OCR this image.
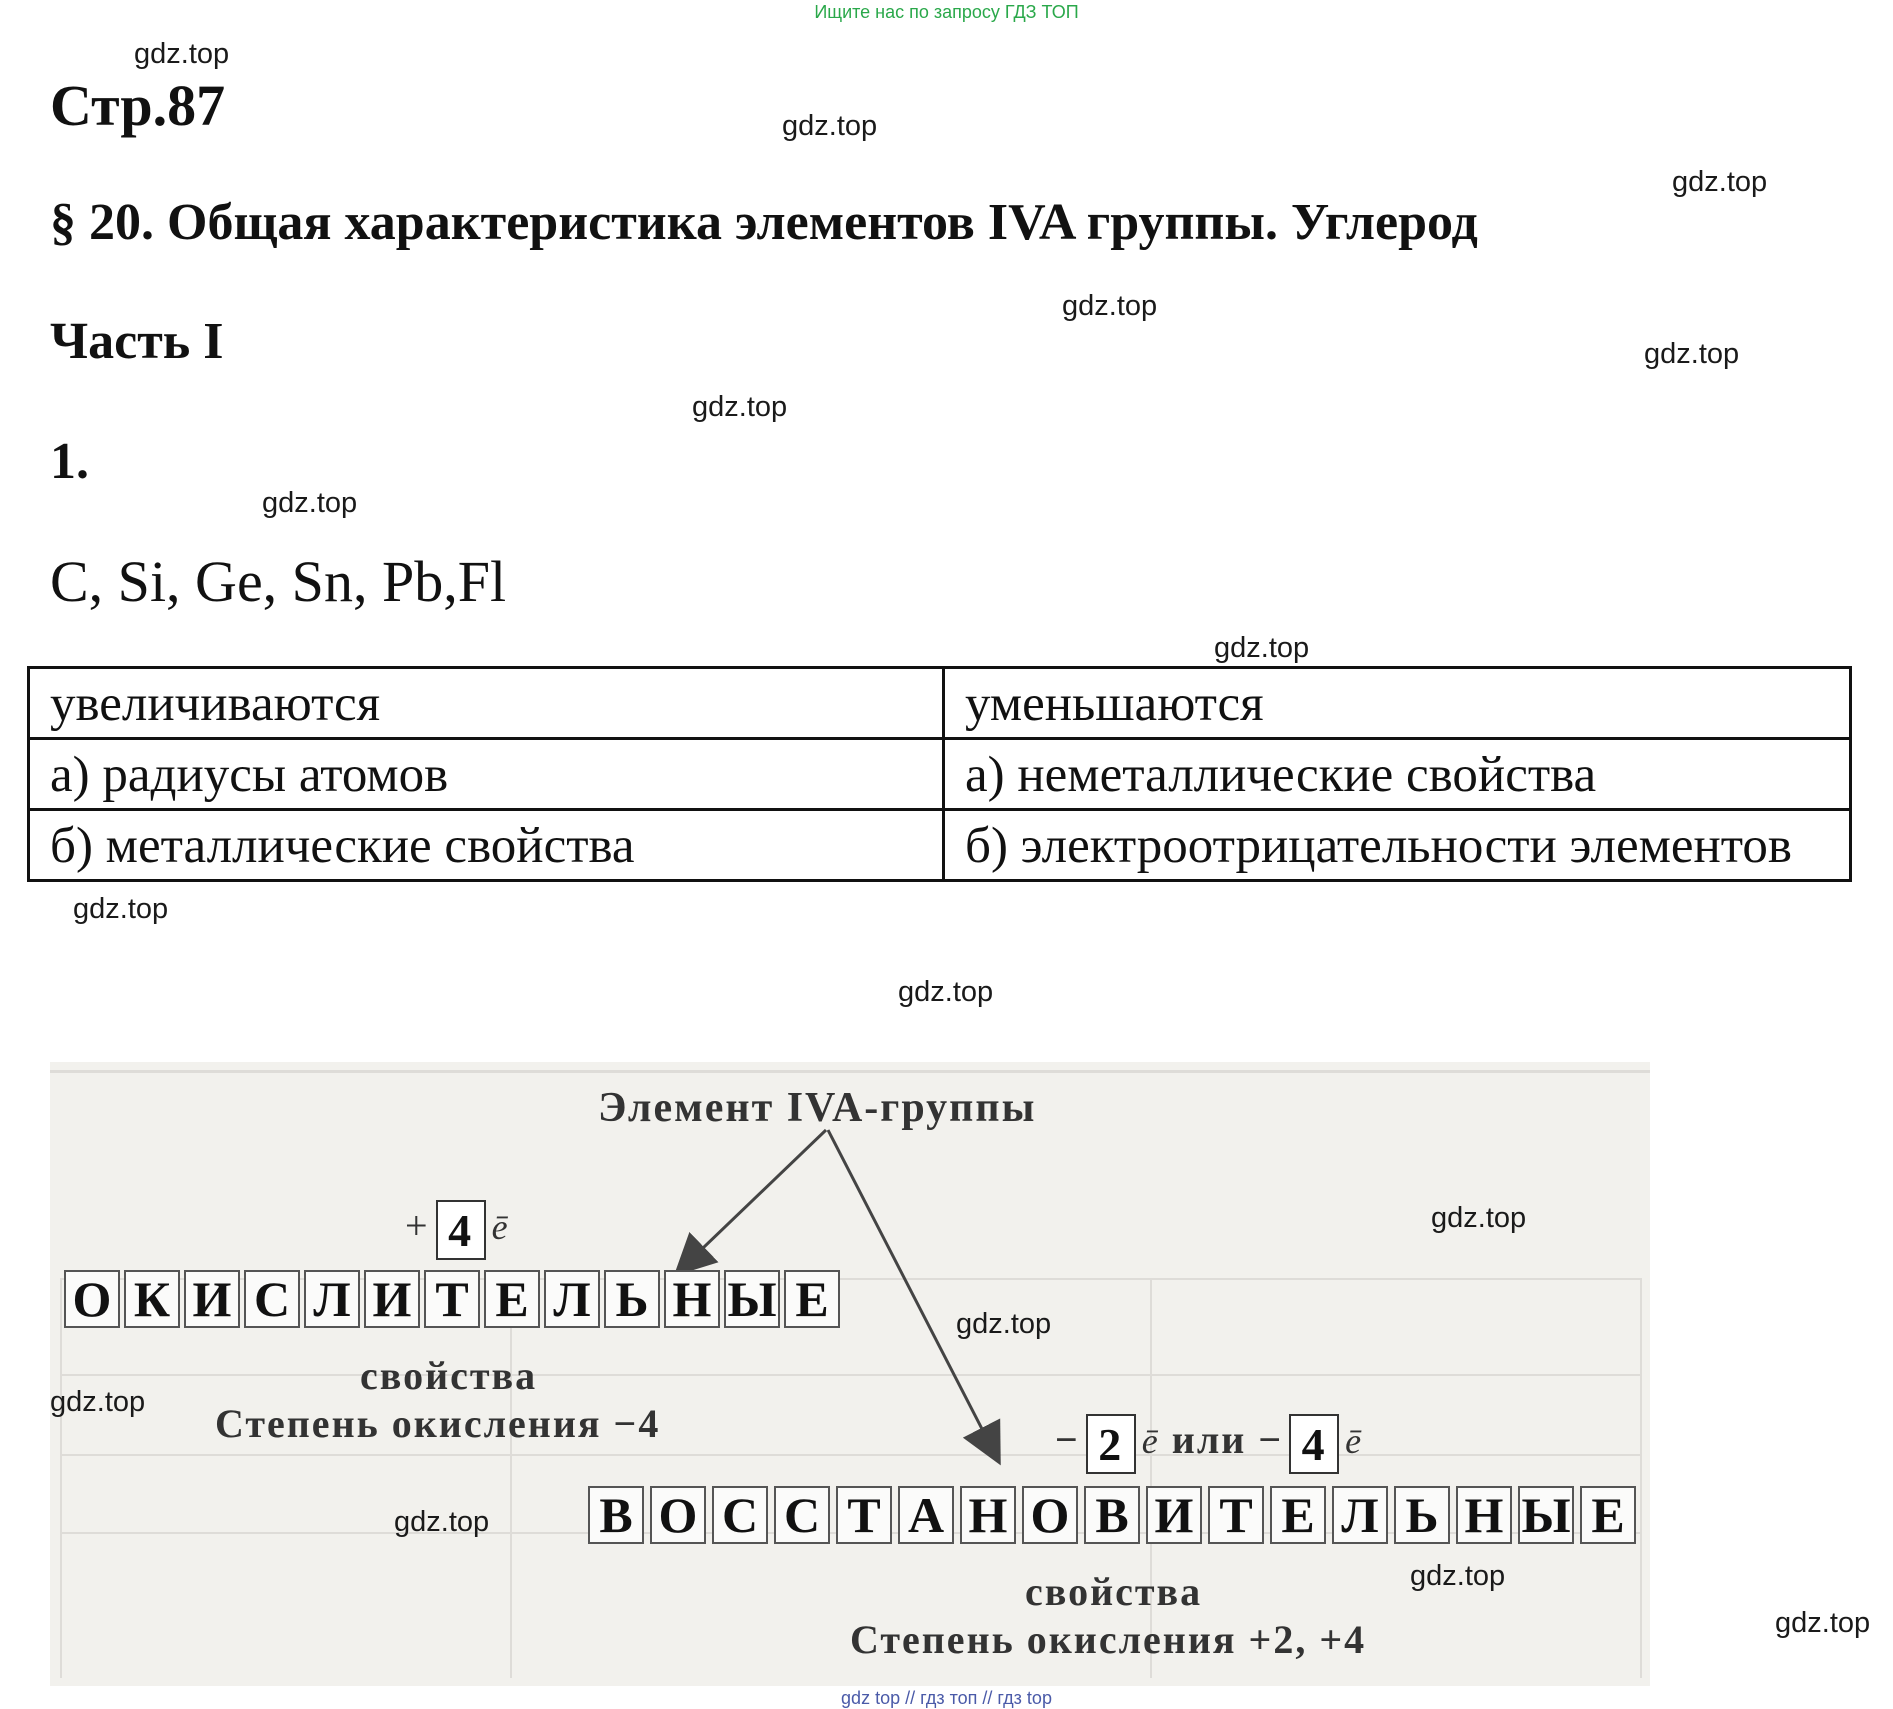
Ищите нас по запросу ГДЗ ТОП
Стр.87
§ 20. Общая характеристика элементов IVA группы. Углерод
Часть I
1.
C, Si, Ge, Sn, Pb,Fl
увеличиваются	уменьшаются
а) радиусы атомов	а) неметаллические свойства
б) металлические свойства	б) электроотрицательности элементов
Элемент IVA-группы
+ 4 ē
О К И С Л И Т Е Л Ь Н Ы Е
свойства
Степень окисления −4	− 2 ē или − 4 ē
В О С С Т А Н О В И Т Е Л Ь Н Ы Е
свойства
Степень окисления +2, +4
gdz.top
gdz.top
gdz.top
gdz.top
gdz.top
gdz.top
gdz.top
gdz.top
gdz.top
gdz.top
gdz.top
gdz.top
gdz.top
gdz.top
gdz.top
gdz.top
gdz top // гдз топ // гдз top
